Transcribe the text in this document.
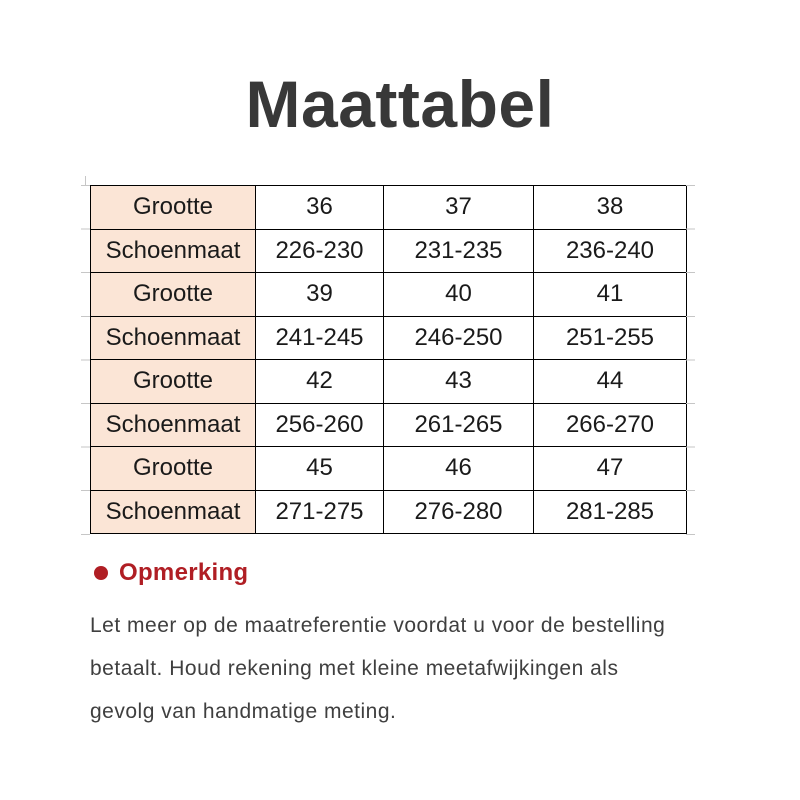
Maattabel
Grootte	36	37	38
Schoenmaat	226-230	231-235	236-240
Grootte	39	40	41
Schoenmaat	241-245	246-250	251-255
Grootte	42	43	44
Schoenmaat	256-260	261-265	266-270
Grootte	45	46	47
Schoenmaat	271-275	276-280	281-285
Opmerking
Let meer op de maatreferentie voordat u voor de bestelling
betaalt. Houd rekening met kleine meetafwijkingen als
gevolg van handmatige meting.
